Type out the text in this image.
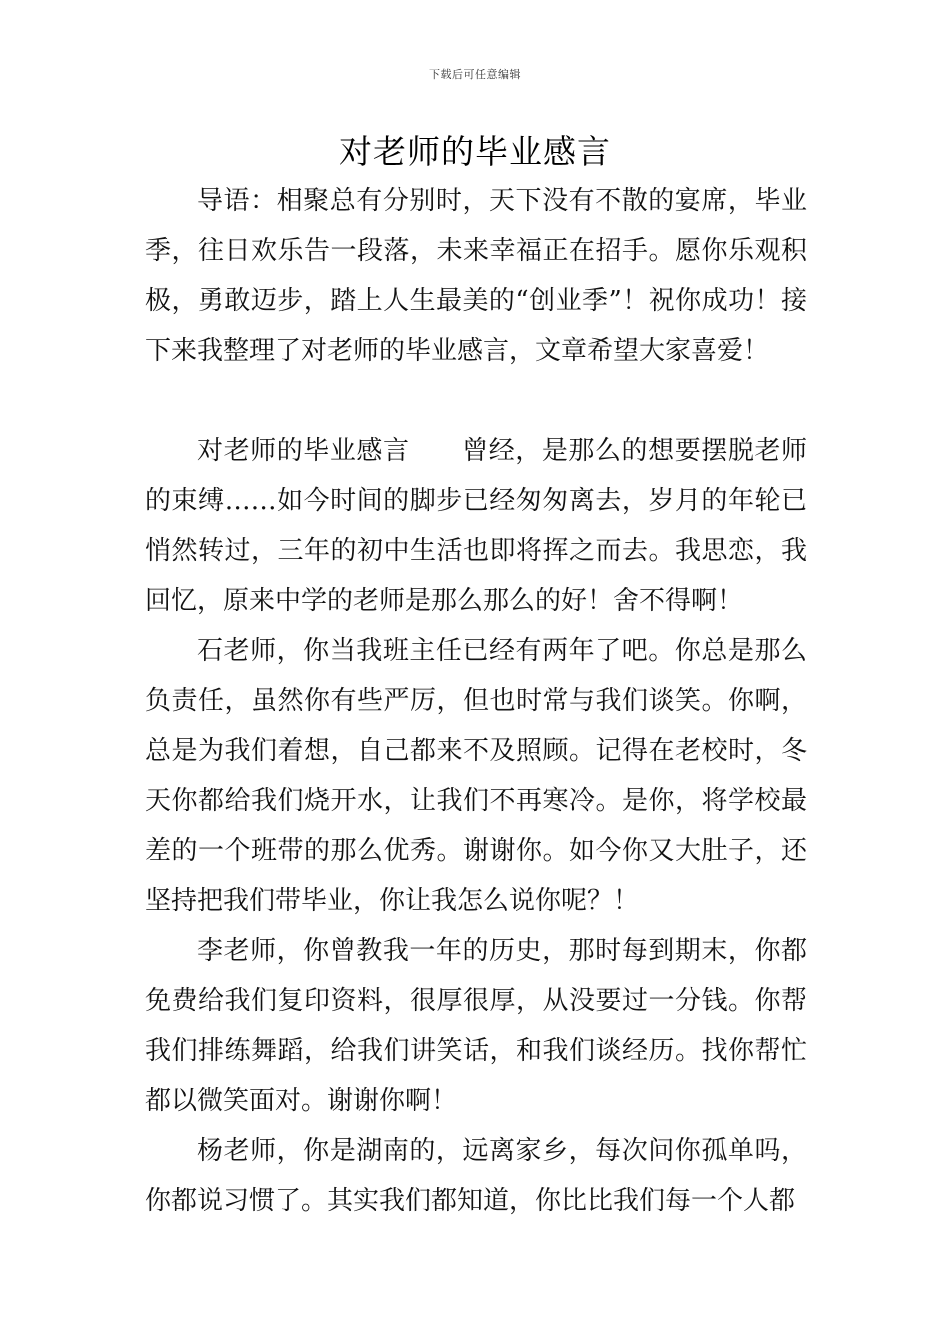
下载后可任意编辑
对老师的毕业感言

导语：相聚总有分别时，天下没有不散的宴席，毕业季，往日欢乐告一段落，未来幸福正在招手。愿你乐观积极，勇敢迈步，踏上人生最美的“创业季”！祝你成功！接下来我整理了对老师的毕业感言，文章希望大家喜爱！

对老师的毕业感言 曾经，是那么的想要摆脱老师的束缚……如今时间的脚步已经匆匆离去，岁月的年轮已悄然转过，三年的初中生活也即将挥之而去。我思恋，我回忆，原来中学的老师是那么那么的好！舍不得啊！

石老师，你当我班主任已经有两年了吧。你总是那么负责任，虽然你有些严厉，但也时常与我们谈笑。你啊，总是为我们着想，自己都来不及照顾。记得在老校时，冬天你都给我们烧开水，让我们不再寒冷。是你，将学校最差的一个班带的那么优秀。谢谢你。如今你又大肚子，还坚持把我们带毕业，你让我怎么说你呢？！

李老师，你曾教我一年的历史，那时每到期末，你都免费给我们复印资料，很厚很厚，从没要过一分钱。你帮我们排练舞蹈，给我们讲笑话，和我们谈经历。找你帮忙都以微笑面对。谢谢你啊！

杨老师，你是湖南的，远离家乡，每次问你孤单吗，你都说习惯了。其实我们都知道，你比比我们每一个人都
